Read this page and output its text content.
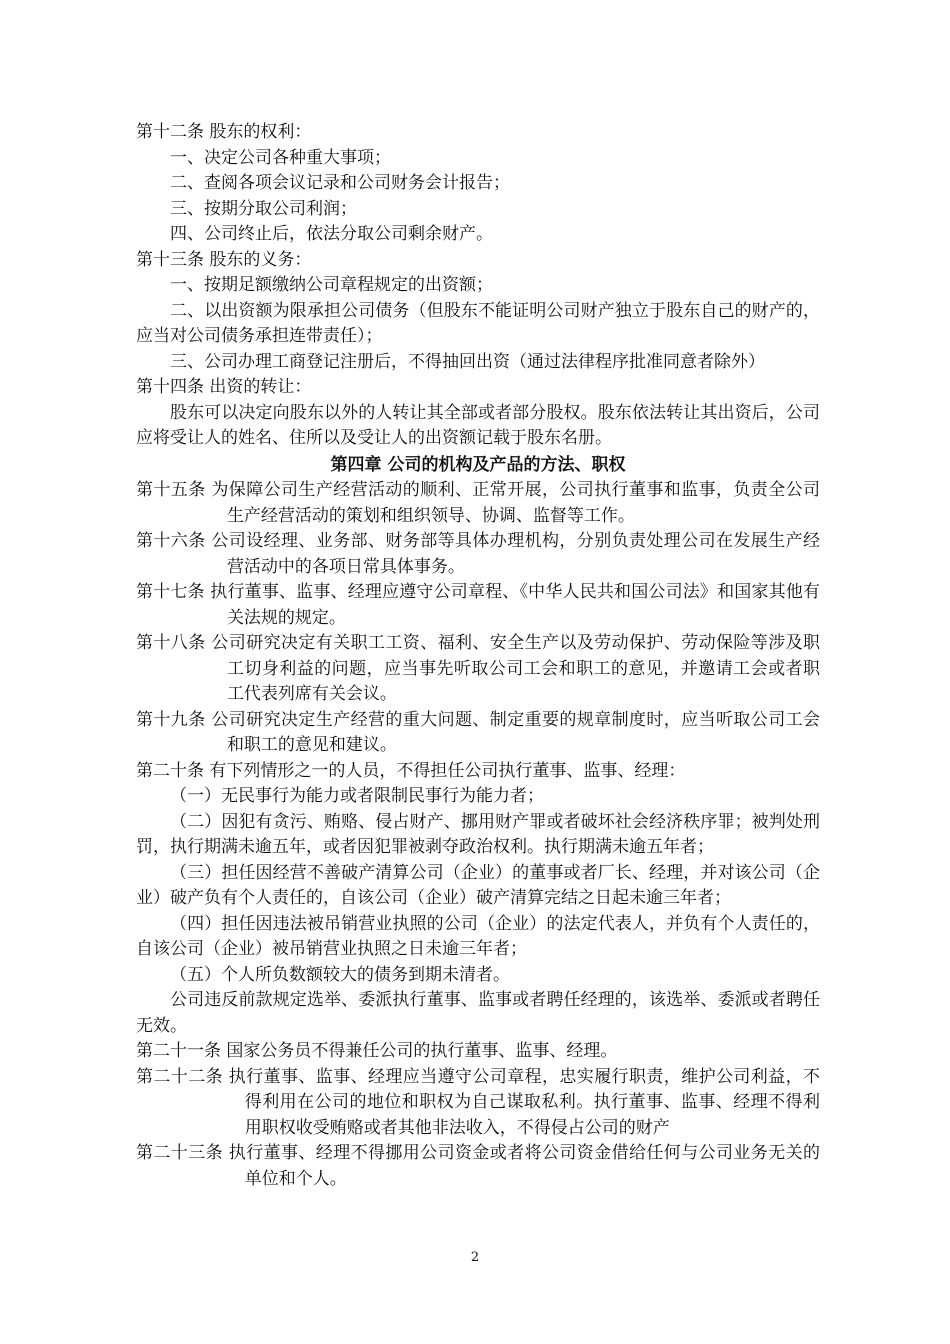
第十二条 股东的权利：

一、决定公司各种重大事项；

二、查阅各项会议记录和公司财务会计报告；

三、按期分取公司利润；

四、公司终止后，依法分取公司剩余财产。

第十三条 股东的义务：

一、按期足额缴纳公司章程规定的出资额；

二、以出资额为限承担公司债务（但股东不能证明公司财产独立于股东自己的财产的，应当对公司债务承担连带责任）；

三、公司办理工商登记注册后，不得抽回出资（通过法律程序批准同意者除外）

第十四条 出资的转让：

股东可以决定向股东以外的人转让其全部或者部分股权。股东依法转让其出资后，公司应将受让人的姓名、住所以及受让人的出资额记载于股东名册。

第四章 公司的机构及产品的方法、职权

第十五条 为保障公司生产经营活动的顺利、正常开展，公司执行董事和监事，负责全公司生产经营活动的策划和组织领导、协调、监督等工作。

第十六条 公司设经理、业务部、财务部等具体办理机构，分别负责处理公司在发展生产经营活动中的各项日常具体事务。

第十七条 执行董事、监事、经理应遵守公司章程、《中华人民共和国公司法》和国家其他有关法规的规定。

第十八条 公司研究决定有关职工工资、福利、安全生产以及劳动保护、劳动保险等涉及职工切身利益的问题，应当事先听取公司工会和职工的意见，并邀请工会或者职工代表列席有关会议。

第十九条 公司研究决定生产经营的重大问题、制定重要的规章制度时，应当听取公司工会和职工的意见和建议。

第二十条 有下列情形之一的人员，不得担任公司执行董事、监事、经理：

（一）无民事行为能力或者限制民事行为能力者；

（二）因犯有贪污、贿赂、侵占财产、挪用财产罪或者破坏社会经济秩序罪；被判处刑罚，执行期满未逾五年，或者因犯罪被剥夺政治权利。执行期满未逾五年者；

（三）担任因经营不善破产清算公司（企业）的董事或者厂长、经理，并对该公司（企业）破产负有个人责任的，自该公司（企业）破产清算完结之日起未逾三年者；

（四）担任因违法被吊销营业执照的公司（企业）的法定代表人，并负有个人责任的，自该公司（企业）被吊销营业执照之日未逾三年者；

（五）个人所负数额较大的债务到期未清者。

公司违反前款规定选举、委派执行董事、监事或者聘任经理的，该选举、委派或者聘任无效。

第二十一条 国家公务员不得兼任公司的执行董事、监事、经理。

第二十二条 执行董事、监事、经理应当遵守公司章程，忠实履行职责，维护公司利益，不得利用在公司的地位和职权为自己谋取私利。执行董事、监事、经理不得利用职权收受贿赂或者其他非法收入，不得侵占公司的财产

第二十三条 执行董事、经理不得挪用公司资金或者将公司资金借给任何与公司业务无关的单位和个人。

2
